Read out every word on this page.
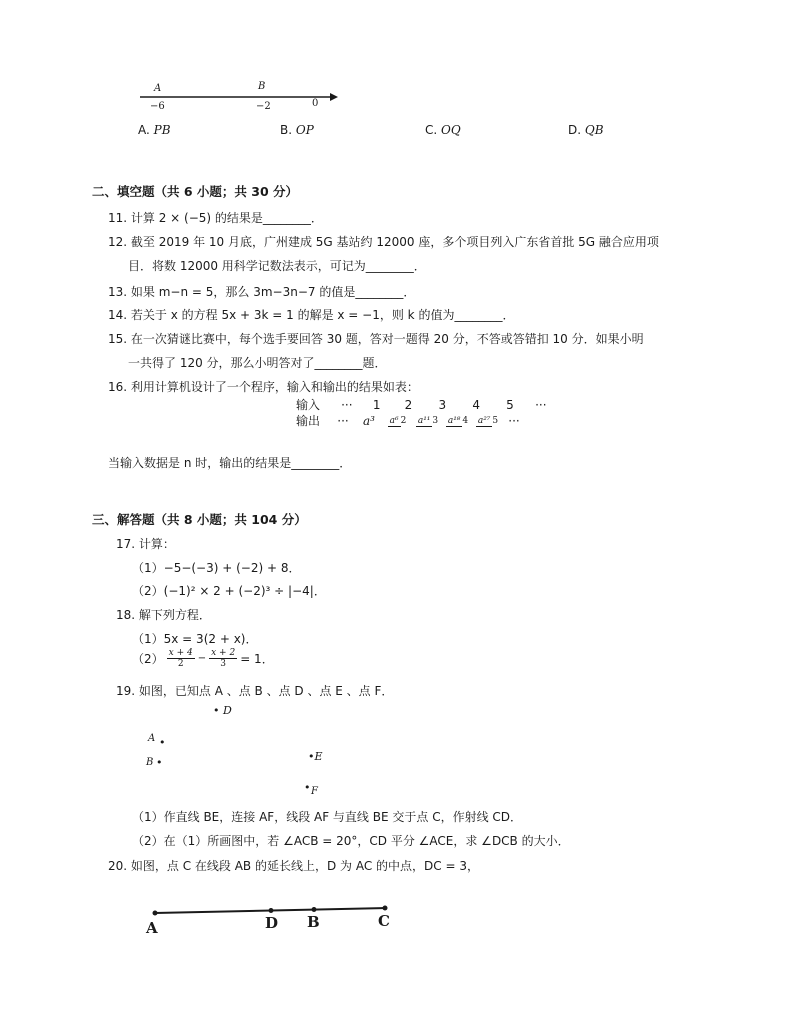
A	B
−6	−2	0
A. PB	B. OP	C. OQ	D. QB
二、填空题（共 6 小题；共 30 分）
11. 计算 2 × (−5) 的结果是________．
12. 截至 2019 年 10 月底，广州建成 5G 基站约 12000 座，多个项目列入广东省首批 5G 融合应用项
目．将数 12000 用科学记数法表示，可记为________．
13. 如果 m−n = 5，那么 3m−3n−7 的值是________．
14. 若关于 x 的方程 5x + 3k = 1 的解是 x = −1，则 k 的值为________．
15. 在一次猜谜比赛中，每个选手要回答 30 题，答对一题得 20 分，不答或答错扣 10 分．如果小明
一共得了 120 分，那么小明答对了________题．
16. 利用计算机设计了一个程序，输入和输出的结果如表：
输入 ··· 1 2 3 4 5 ···
输出	···	a³	a⁶ 2	a¹¹ 3	a¹⁸ 4	a²⁷ 5 ···
当输入数据是 n 时，输出的结果是________．
三、解答题（共 8 小题；共 104 分）
17. 计算：
（1）−5−(−3) + (−2) + 8．
（2）(−1)² × 2 + (−2)³ ÷ |−4|．
18. 解下列方程．
（1）5x = 3(2 + x)．
$(2) \frac{x + 4}{2} - \frac{x + 2}{3} = 1$．
19. 如图，已知点 A 、点 B 、点 D 、点 E 、点 F．
• D
A •
B •	•E
• F
（1）作直线 BE，连接 AF，线段 AF 与直线 BE 交于点 C，作射线 CD．
（2）在（1）所画图中，若 ∠ACB = 20°，CD 平分 ∠ACE，求 ∠DCB 的大小．
20. 如图，点 C 在线段 AB 的延长线上，D 为 AC 的中点，DC = 3，
A	D B	C
